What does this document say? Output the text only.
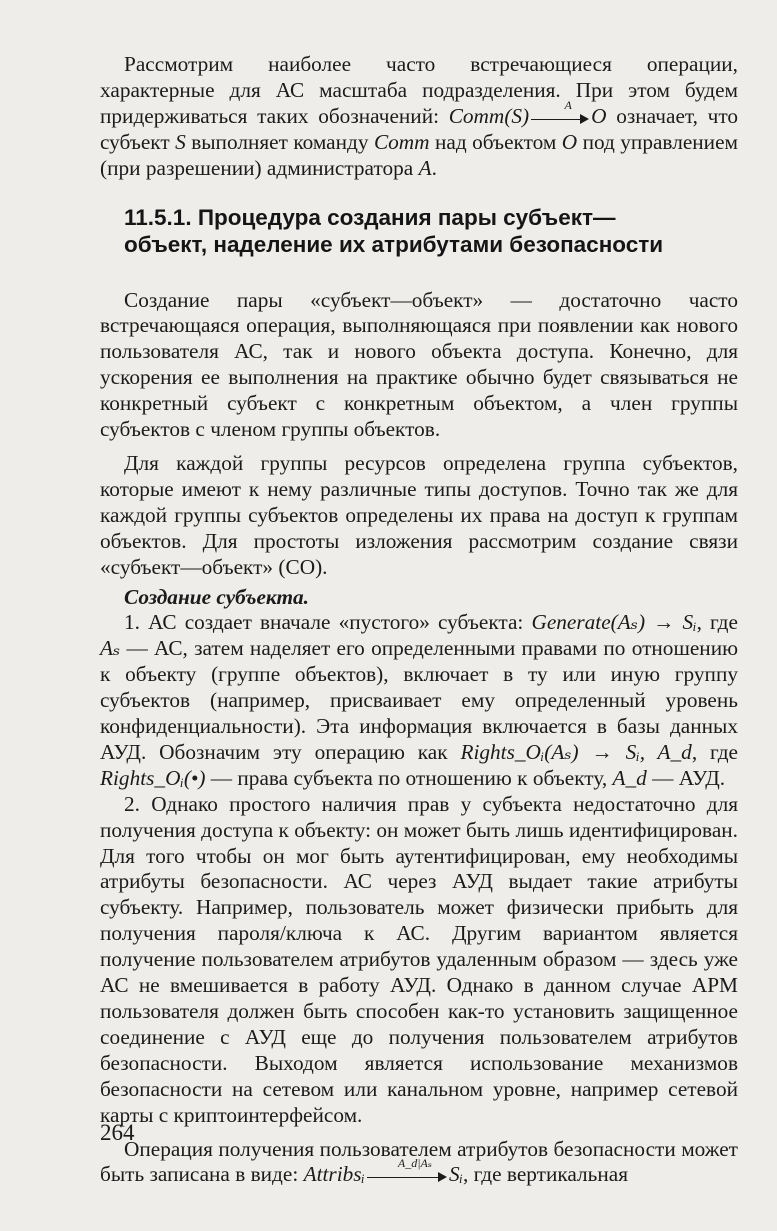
Рассмотрим наиболее часто встречающиеся операции, характерные для АС масштаба подразделения. При этом будем придерживаться таких обозначений: Comm(S)	A O означает, что субъект S выполняет команду Comm над объектом O под управлением (при разрешении) администратора A.

11.5.1. Процедура создания пары субъект—
объект, наделение их атрибутами безопасности

Создание пары «субъект—объект» — достаточно часто встречающаяся операция, выполняющаяся при появлении как нового пользователя АС, так и нового объекта доступа. Конечно, для ускорения ее выполнения на практике обычно будет связываться не конкретный субъект с конкретным объектом, а член группы субъектов с членом группы объектов.

Для каждой группы ресурсов определена группа субъектов, которые имеют к нему различные типы доступов. Точно так же для каждой группы субъектов определены их права на доступ к группам объектов. Для простоты изложения рассмотрим создание связи «субъект—объект» (СО).

Создание субъекта.

1. АС создает вначале «пустого» субъекта: Generate(Aₛ) → Sᵢ, где Aₛ — АС, затем наделяет его определенными правами по отношению к объекту (группе объектов), включает в ту или иную группу субъектов (например, присваивает ему определенный уровень конфиденциальности). Эта информация включается в базы данных АУД. Обозначим эту операцию как Rights_Oᵢ(Aₛ) → Sᵢ, A_d, где Rights_Oᵢ(•) — права субъекта по отношению к объекту, A_d — АУД.

2. Однако простого наличия прав у субъекта недостаточно для получения доступа к объекту: он может быть лишь идентифицирован. Для того чтобы он мог быть аутентифицирован, ему необходимы атрибуты безопасности. АС через АУД выдает такие атрибуты субъекту. Например, пользователь может физически прибыть для получения пароля/ключа к АС. Другим вариантом является получение пользователем атрибутов удаленным образом — здесь уже АС не вмешивается в работу АУД. Однако в данном случае АРМ пользователя должен быть способен как-то установить защищенное соединение с АУД еще до получения пользователем атрибутов безопасности. Выходом является использование механизмов безопасности на сетевом или канальном уровне, например сетевой карты с криптоинтерфейсом.

Операция получения пользователем атрибутов безопасности может быть записана в виде: Attribsᵢ	A_d|Aₛ Sᵢ, где вертикальная

264
